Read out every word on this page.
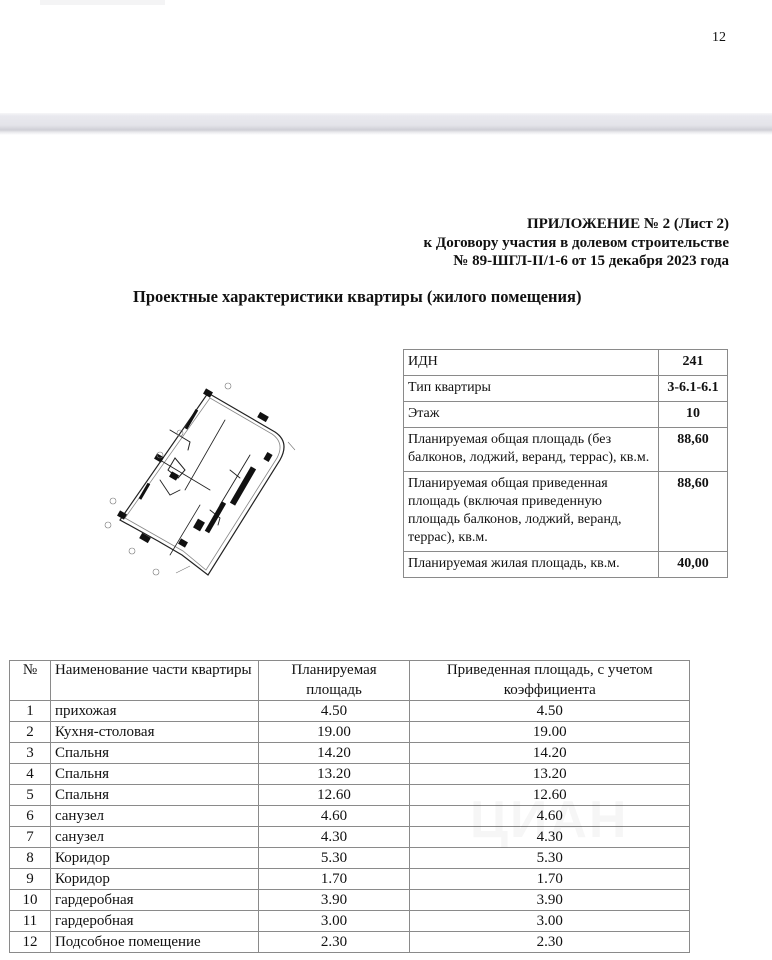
12
ПРИЛОЖЕНИЕ № 2 (Лист 2)
к Договору участия в долевом строительстве
№ 89-ШГЛ-II/1-6 от 15 декабря 2023 года
Проектные характеристики квартиры (жилого помещения)
ИДН	241
Тип квартиры	3-6.1-6.1
Этаж	10
Планируемая общая площадь (без балконов, лоджий, веранд, террас), кв.м.	88,60
Планируемая общая приведенная площадь (включая приведенную площадь балконов, лоджий, веранд, террас), кв.м.	88,60
Планируемая жилая площадь, кв.м.	40,00
№	Наименование части квартиры	Планируемая площадь	Приведенная площадь, с учетом коэффициента
1	прихожая	4.50	4.50
2	Кухня-столовая	19.00	19.00
3	Спальня	14.20	14.20
4	Спальня	13.20	13.20
5	Спальня	12.60	12.60
6	санузел	4.60	4.60
7	санузел	4.30	4.30
8	Коридор	5.30	5.30
9	Коридор	1.70	1.70
10	гардеробная	3.90	3.90
11	гардеробная	3.00	3.00
12	Подсобное помещение	2.30	2.30
